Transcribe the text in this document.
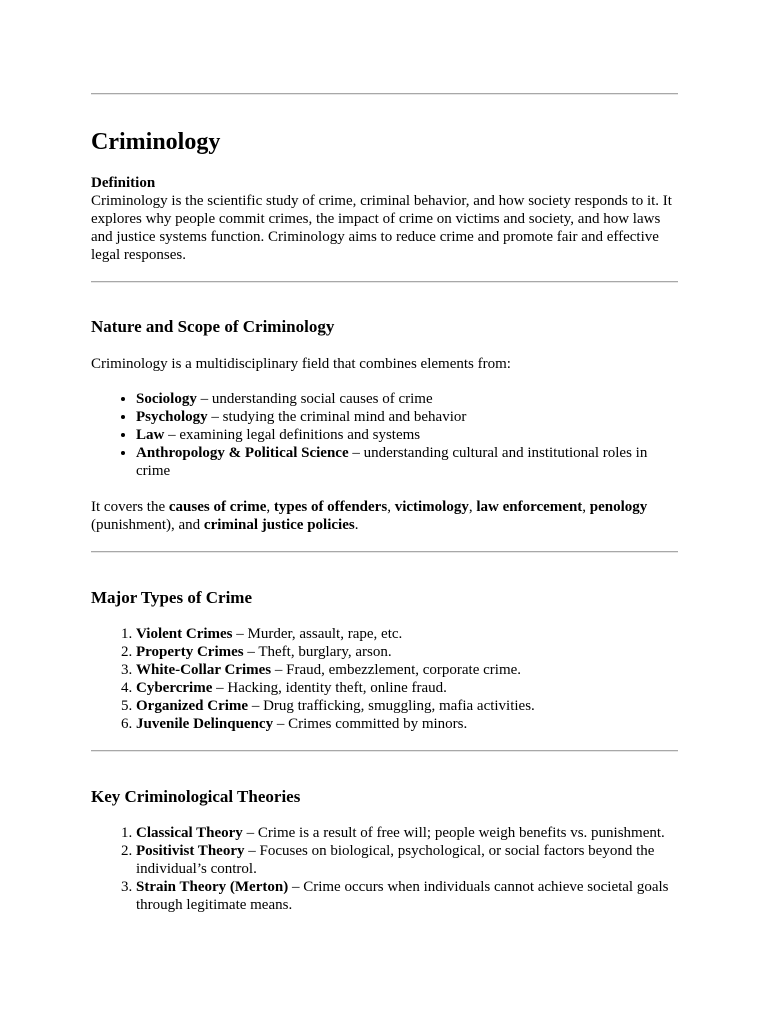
Criminology
Definition

Criminology is the scientific study of crime, criminal behavior, and how society responds to it. It explores why people commit crimes, the impact of crime on victims and society, and how laws and justice systems function. Criminology aims to reduce crime and promote fair and effective legal responses.

Nature and Scope of Criminology

Criminology is a multidisciplinary field that combines elements from:

• Sociology – understanding social causes of crime
• Psychology – studying the criminal mind and behavior
• Law – examining legal definitions and systems
• Anthropology & Political Science – understanding cultural and institutional roles in crime

It covers the causes of crime, types of offenders, victimology, law enforcement, penology (punishment), and criminal justice policies.

Major Types of Crime
1. Violent Crimes – Murder, assault, rape, etc.
2. Property Crimes – Theft, burglary, arson.
3. White-Collar Crimes – Fraud, embezzlement, corporate crime.
4. Cybercrime – Hacking, identity theft, online fraud.
5. Organized Crime – Drug trafficking, smuggling, mafia activities.
6. Juvenile Delinquency – Crimes committed by minors.
Key Criminological Theories
1. Classical Theory – Crime is a result of free will; people weigh benefits vs. punishment.
2. Positivist Theory – Focuses on biological, psychological, or social factors beyond the individual’s control.
3. Strain Theory (Merton) – Crime occurs when individuals cannot achieve societal goals through legitimate means.
